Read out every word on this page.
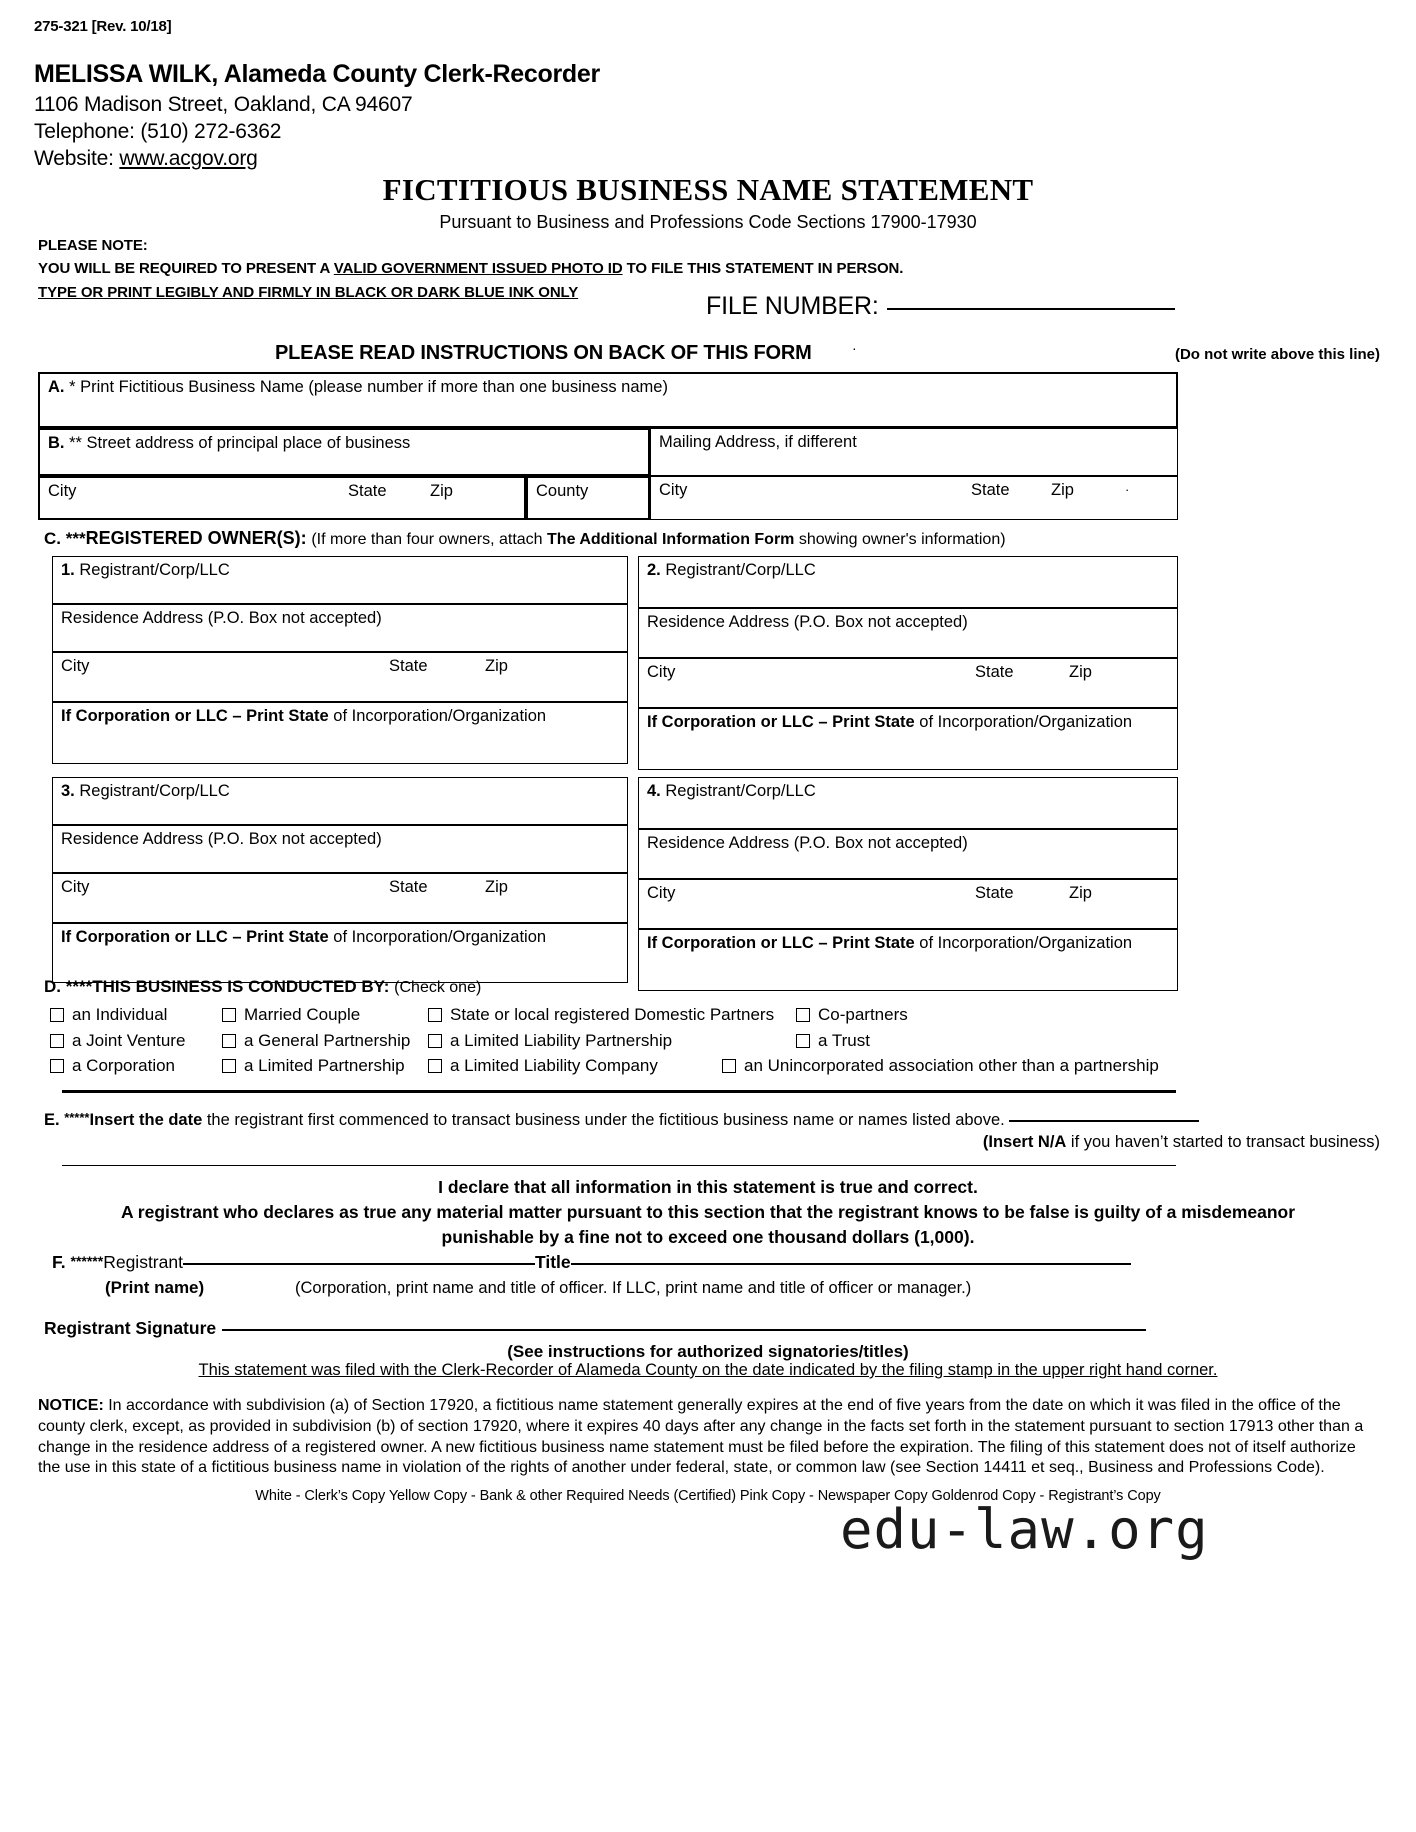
275-321 [Rev. 10/18]
MELISSA WILK, Alameda County Clerk-Recorder
1106 Madison Street, Oakland, CA 94607
Telephone: (510) 272-6362
Website: www.acgov.org
FICTITIOUS BUSINESS NAME STATEMENT
Pursuant to Business and Professions Code Sections 17900-17930
PLEASE NOTE:
YOU WILL BE REQUIRED TO PRESENT A VALID GOVERNMENT ISSUED PHOTO ID TO FILE THIS STATEMENT IN PERSON.
TYPE OR PRINT LEGIBLY AND FIRMLY IN BLACK OR DARK BLUE INK ONLY	FILE NUMBER:
PLEASE READ INSTRUCTIONS ON BACK OF THIS FORM	·	(Do not write above this line)
A. * Print Fictitious Business Name (please number if more than one business name)
B. ** Street address of principal place of business	Mailing Address, if different
City	State	Zip	County	City	State	Zip	·
C. ***REGISTERED OWNER(S): (If more than four owners, attach The Additional Information Form showing owner's information)
1. Registrant/Corp/LLC
Residence Address (P.O. Box not accepted)
City	State	Zip
If Corporation or LLC – Print State of Incorporation/Organization
2. Registrant/Corp/LLC
Residence Address (P.O. Box not accepted)
City	State	Zip
If Corporation or LLC – Print State of Incorporation/Organization
3. Registrant/Corp/LLC
Residence Address (P.O. Box not accepted)
City	State	Zip
If Corporation or LLC – Print State of Incorporation/Organization
4. Registrant/Corp/LLC
Residence Address (P.O. Box not accepted)
City	State	Zip
If Corporation or LLC – Print State of Incorporation/Organization
D. ****THIS BUSINESS IS CONDUCTED BY: (Check one)
an Individual	Married Couple	State or local registered Domestic Partners	Co-partners
a Joint Venture	a General Partnership	a Limited Liability Partnership	a Trust
a Corporation	a Limited Partnership	a Limited Liability Company	an Unincorporated association other than a partnership
E. *****Insert the date the registrant first commenced to transact business under the fictitious business name or names listed above.
(Insert N/A if you haven’t started to transact business)
I declare that all information in this statement is true and correct.
A registrant who declares as true any material matter pursuant to this section that the registrant knows to be false is guilty of a misdemeanor punishable by a fine not to exceed one thousand dollars (1,000).
F. ******Registrant	Title
(Print name)	(Corporation, print name and title of officer. If LLC, print name and title of officer or manager.)
Registrant Signature
(See instructions for authorized signatories/titles)
This statement was filed with the Clerk-Recorder of Alameda County on the date indicated by the filing stamp in the upper right hand corner.
NOTICE: In accordance with subdivision (a) of Section 17920, a fictitious name statement generally expires at the end of five years from the date on which it was filed in the office of the county clerk, except, as provided in subdivision (b) of section 17920, where it expires 40 days after any change in the facts set forth in the statement pursuant to section 17913 other than a change in the residence address of a registered owner. A new fictitious business name statement must be filed before the expiration. The filing of this statement does not of itself authorize the use in this state of a fictitious business name in violation of the rights of another under federal, state, or common law (see Section 14411 et seq., Business and Professions Code).
White - Clerk’s Copy Yellow Copy - Bank & other Required Needs (Certified) Pink Copy - Newspaper Copy Goldenrod Copy - Registrant’s Copy
edu-law.org
